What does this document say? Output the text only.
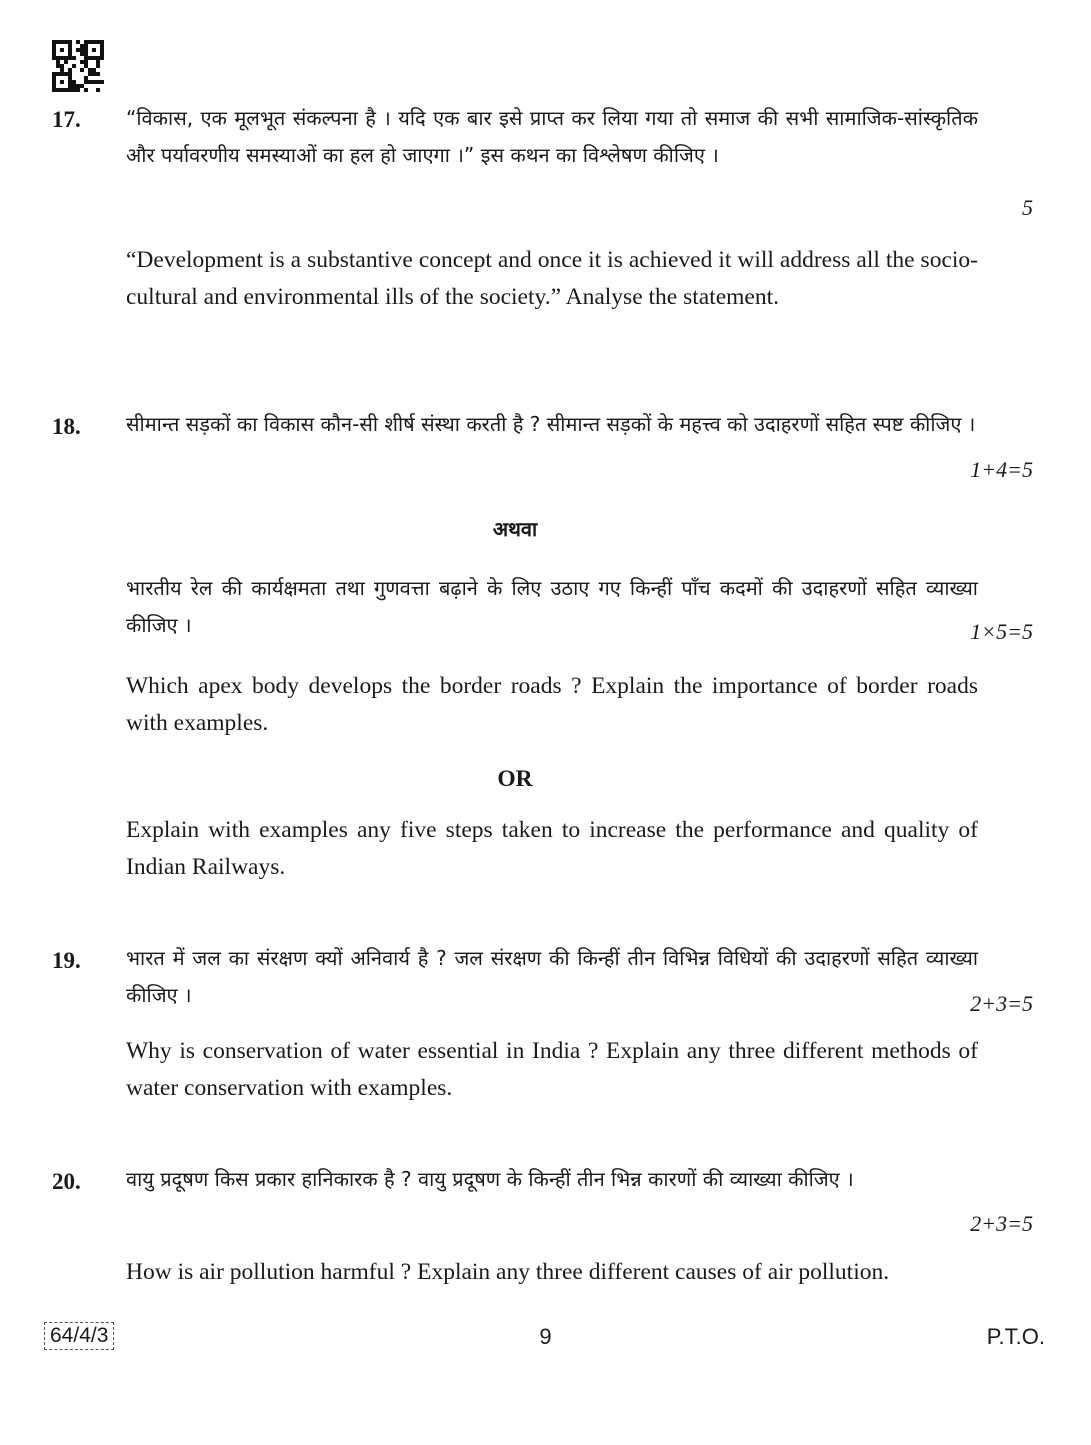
17. “विकास, एक मूलभूत संकल्पना है । यदि एक बार इसे प्राप्त कर लिया गया तो समाज की सभी सामाजिक-सांस्कृतिक और पर्यावरणीय समस्याओं का हल हो जाएगा ।” इस कथन का विश्लेषण कीजिए ।
5
“Development is a substantive concept and once it is achieved it will address all the socio-cultural and environmental ills of the society.” Analyse the statement.
18. सीमान्त सड़कों का विकास कौन-सी शीर्ष संस्था करती है ? सीमान्त सड़कों के महत्त्व को उदाहरणों सहित स्पष्ट कीजिए ।
1+4=5
अथवा
भारतीय रेल की कार्यक्षमता तथा गुणवत्ता बढ़ाने के लिए उठाए गए किन्हीं पाँच कदमों की उदाहरणों सहित व्याख्या कीजिए ।	1×5=5
Which apex body develops the border roads ? Explain the importance of border roads with examples.
OR
Explain with examples any five steps taken to increase the performance and quality of Indian Railways.
19. भारत में जल का संरक्षण क्यों अनिवार्य है ? जल संरक्षण की किन्हीं तीन विभिन्न विधियों की उदाहरणों सहित व्याख्या कीजिए ।	2+3=5
Why is conservation of water essential in India ? Explain any three different methods of water conservation with examples.
20. वायु प्रदूषण किस प्रकार हानिकारक है ? वायु प्रदूषण के किन्हीं तीन भिन्न कारणों की व्याख्या कीजिए ।
2+3=5
How is air pollution harmful ? Explain any three different causes of air pollution.
64/4/3	9	P.T.O.
